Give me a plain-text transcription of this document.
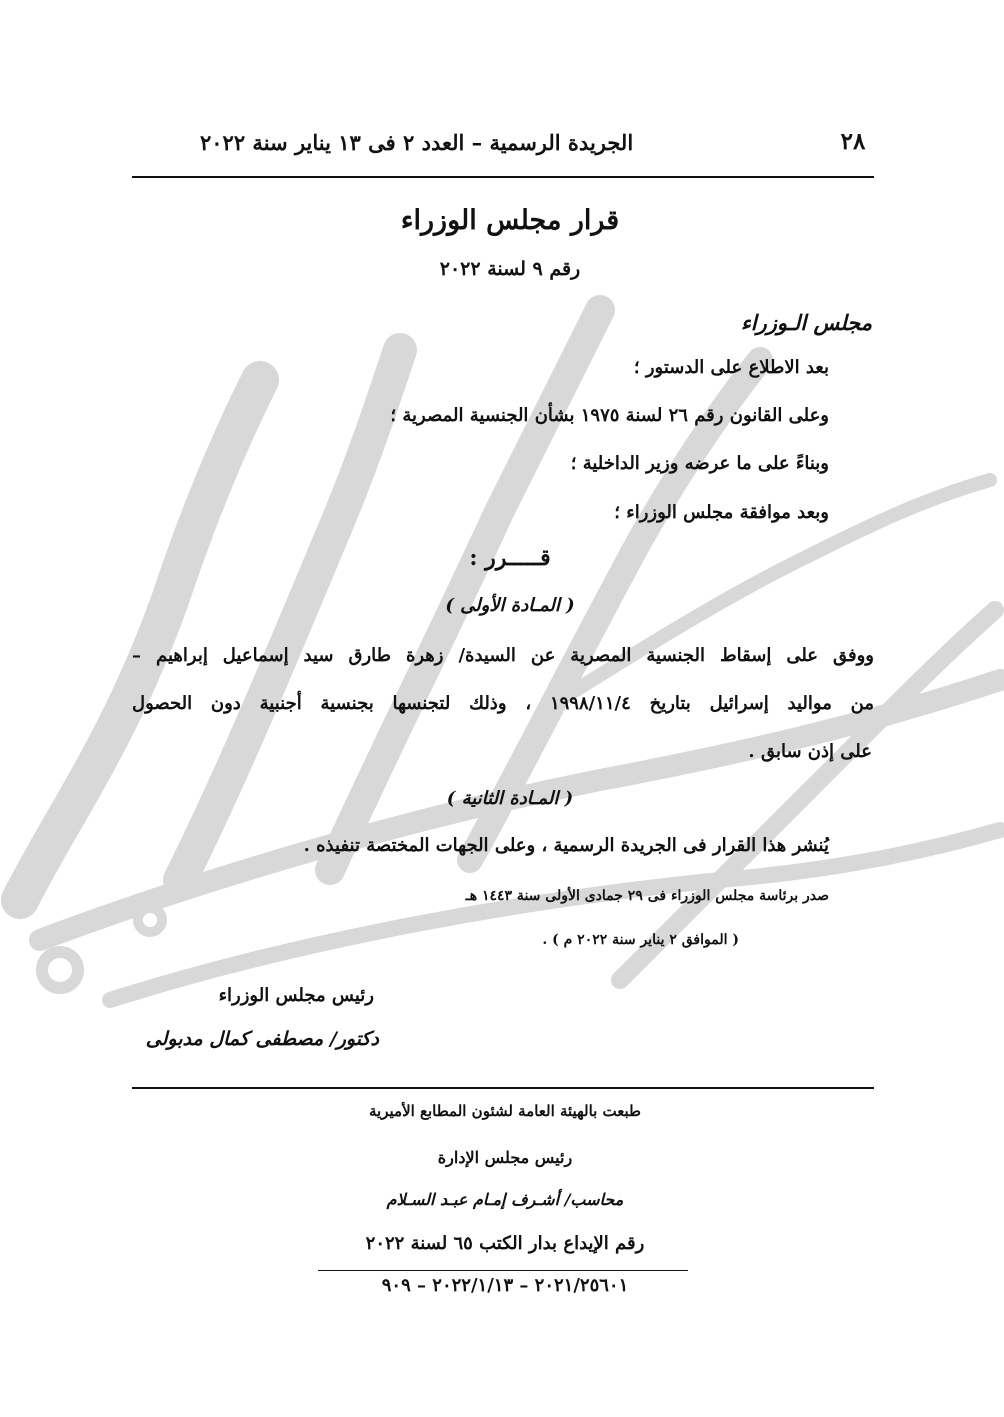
٢٨
الجريدة الرسمية – العدد ٢ فى ١٣ يناير سنة ٢٠٢٢
قرار مجلس الوزراء
رقم ٩ لسنة ٢٠٢٢
مجلس الـوزراء
بعد الاطلاع على الدستور ؛
وعلى القانون رقم ٢٦ لسنة ١٩٧٥ بشأن الجنسية المصرية ؛
وبناءً على ما عرضه وزير الداخلية ؛
وبعد موافقة مجلس الوزراء ؛
قـــــرر :
( المـادة الأولى )
ووفق على إسقاط الجنسية المصرية عن السيدة/ زهرة طارق سيد إسماعيل إبراهيم –
من مواليد إسرائيل بتاريخ ١٩٩٨/١١/٤ ، وذلك لتجنسها بجنسية أجنبية دون الحصول
على إذن سابق .
( المـادة الثانية )
يُنشر هذا القرار فى الجريدة الرسمية ، وعلى الجهات المختصة تنفيذه .
صدر برئاسة مجلس الوزراء فى ٢٩ جمادى الأولى سنة ١٤٤٣ هـ
( الموافق ٢ يناير سنة ٢٠٢٢ م ) .
رئيس مجلس الوزراء
دكتور/ مصطفى كمال مدبولى
طبعت بالهيئة العامة لشئون المطابع الأميرية
رئيس مجلس الإدارة
محاسب/ أشـرف إمـام عبـد السـلام
رقم الإيداع بدار الكتب ٦٥ لسنة ٢٠٢٢
٢٠٢١/٢٥٦٠١ – ٢٠٢٢/١/١٣ – ٩٠٩
